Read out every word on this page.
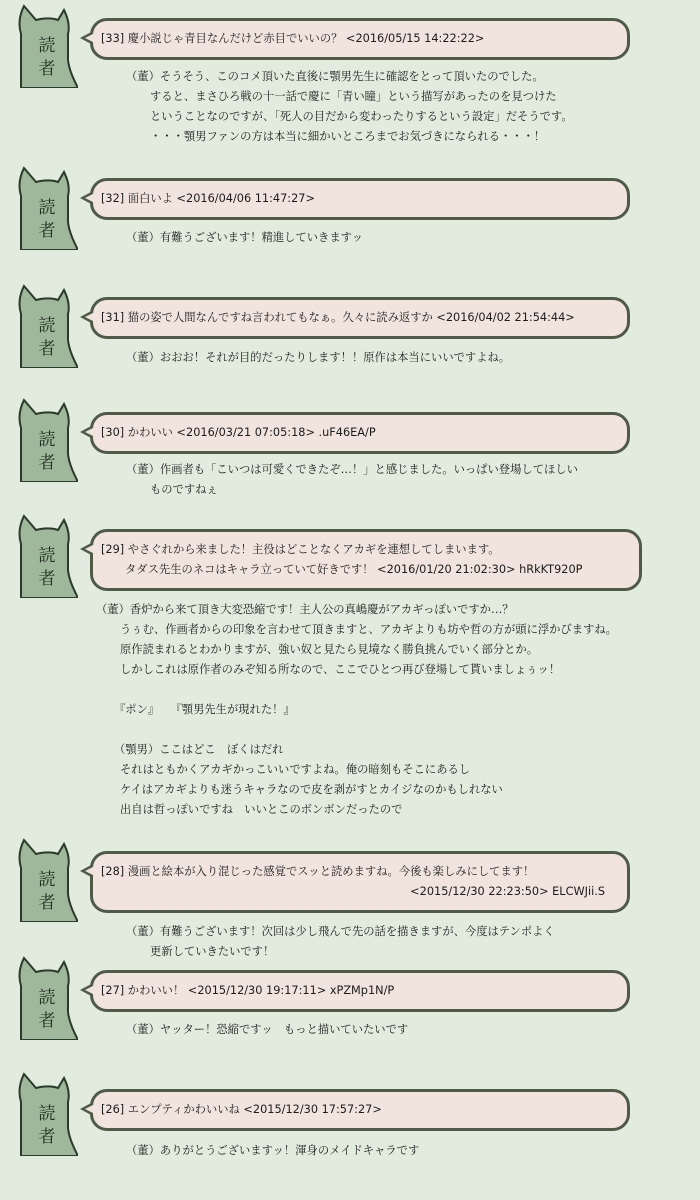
読
者
[33] 慶小説じゃ青目なんだけど赤目でいいの？ <2016/05/15 14:22:22>
（董）そうそう、このコメ頂いた直後に顎男先生に確認をとって頂いたのでした。
すると、まさひろ戦の十一話で慶に「青い瞳」という描写があったのを見つけた
ということなのですが、「死人の目だから変わったりするという設定」だそうです。
・・・顎男ファンの方は本当に細かいところまでお気づきになられる・・・！
読
者
[32] 面白いよ <2016/04/06 11:47:27>
（董）有難うございます！精進していきますッ
読
者
[31] 猫の姿で人間なんですね言われてもなぁ。久々に読み返すか <2016/04/02 21:54:44>
（董）おおお！それが目的だったりします！！原作は本当にいいですよね。
読
者
[30] かわいい <2016/03/21 07:05:18> .uF46EA/P
（董）作画者も「こいつは可愛くできたぞ…！」と感じました。いっぱい登場してほしい
ものですねぇ
読
者
[29] やさぐれから来ました！主役はどことなくアカギを連想してしまいます。
タダス先生のネコはキャラ立っていて好きです！ <2016/01/20 21:02:30> hRkKT920P
（董）香炉から来て頂き大変恐縮です！主人公の真嶋慶がアカギっぽいですか…？
うぅむ、作画者からの印象を言わせて頂きますと、アカギよりも坊や哲の方が頭に浮かびますね。
原作読まれるとわかりますが、強い奴と見たら見境なく勝負挑んでいく部分とか。
しかしこれは原作者のみぞ知る所なので、ここでひとつ再び登場して貰いましょぅッ！
『ポン』　　『顎男先生が現れた！』
（顎男）ここはどこ　ぼくはだれ
それはともかくアカギかっこいいですよね。俺の暗刻もそこにあるし
ケイはアカギよりも迷うキャラなので皮を剥がすとカイジなのかもしれない
出自は哲っぽいですね　いいとこのボンボンだったので
読
者
[28] 漫画と絵本が入り混じった感覚でスッと読めますね。今後も楽しみにしてます！
<2015/12/30 22:23:50> ELCWJii.S
（董）有難うございます！次回は少し飛んで先の話を描きますが、今度はテンポよく
更新していきたいです！
読
者
[27] かわいい！ <2015/12/30 19:17:11> xPZMp1N/P
（董）ヤッター！恐縮ですッ　もっと描いていたいです
読
者
[26] エンプティかわいいね <2015/12/30 17:57:27>
（董）ありがとうございますッ！渾身のメイドキャラです
